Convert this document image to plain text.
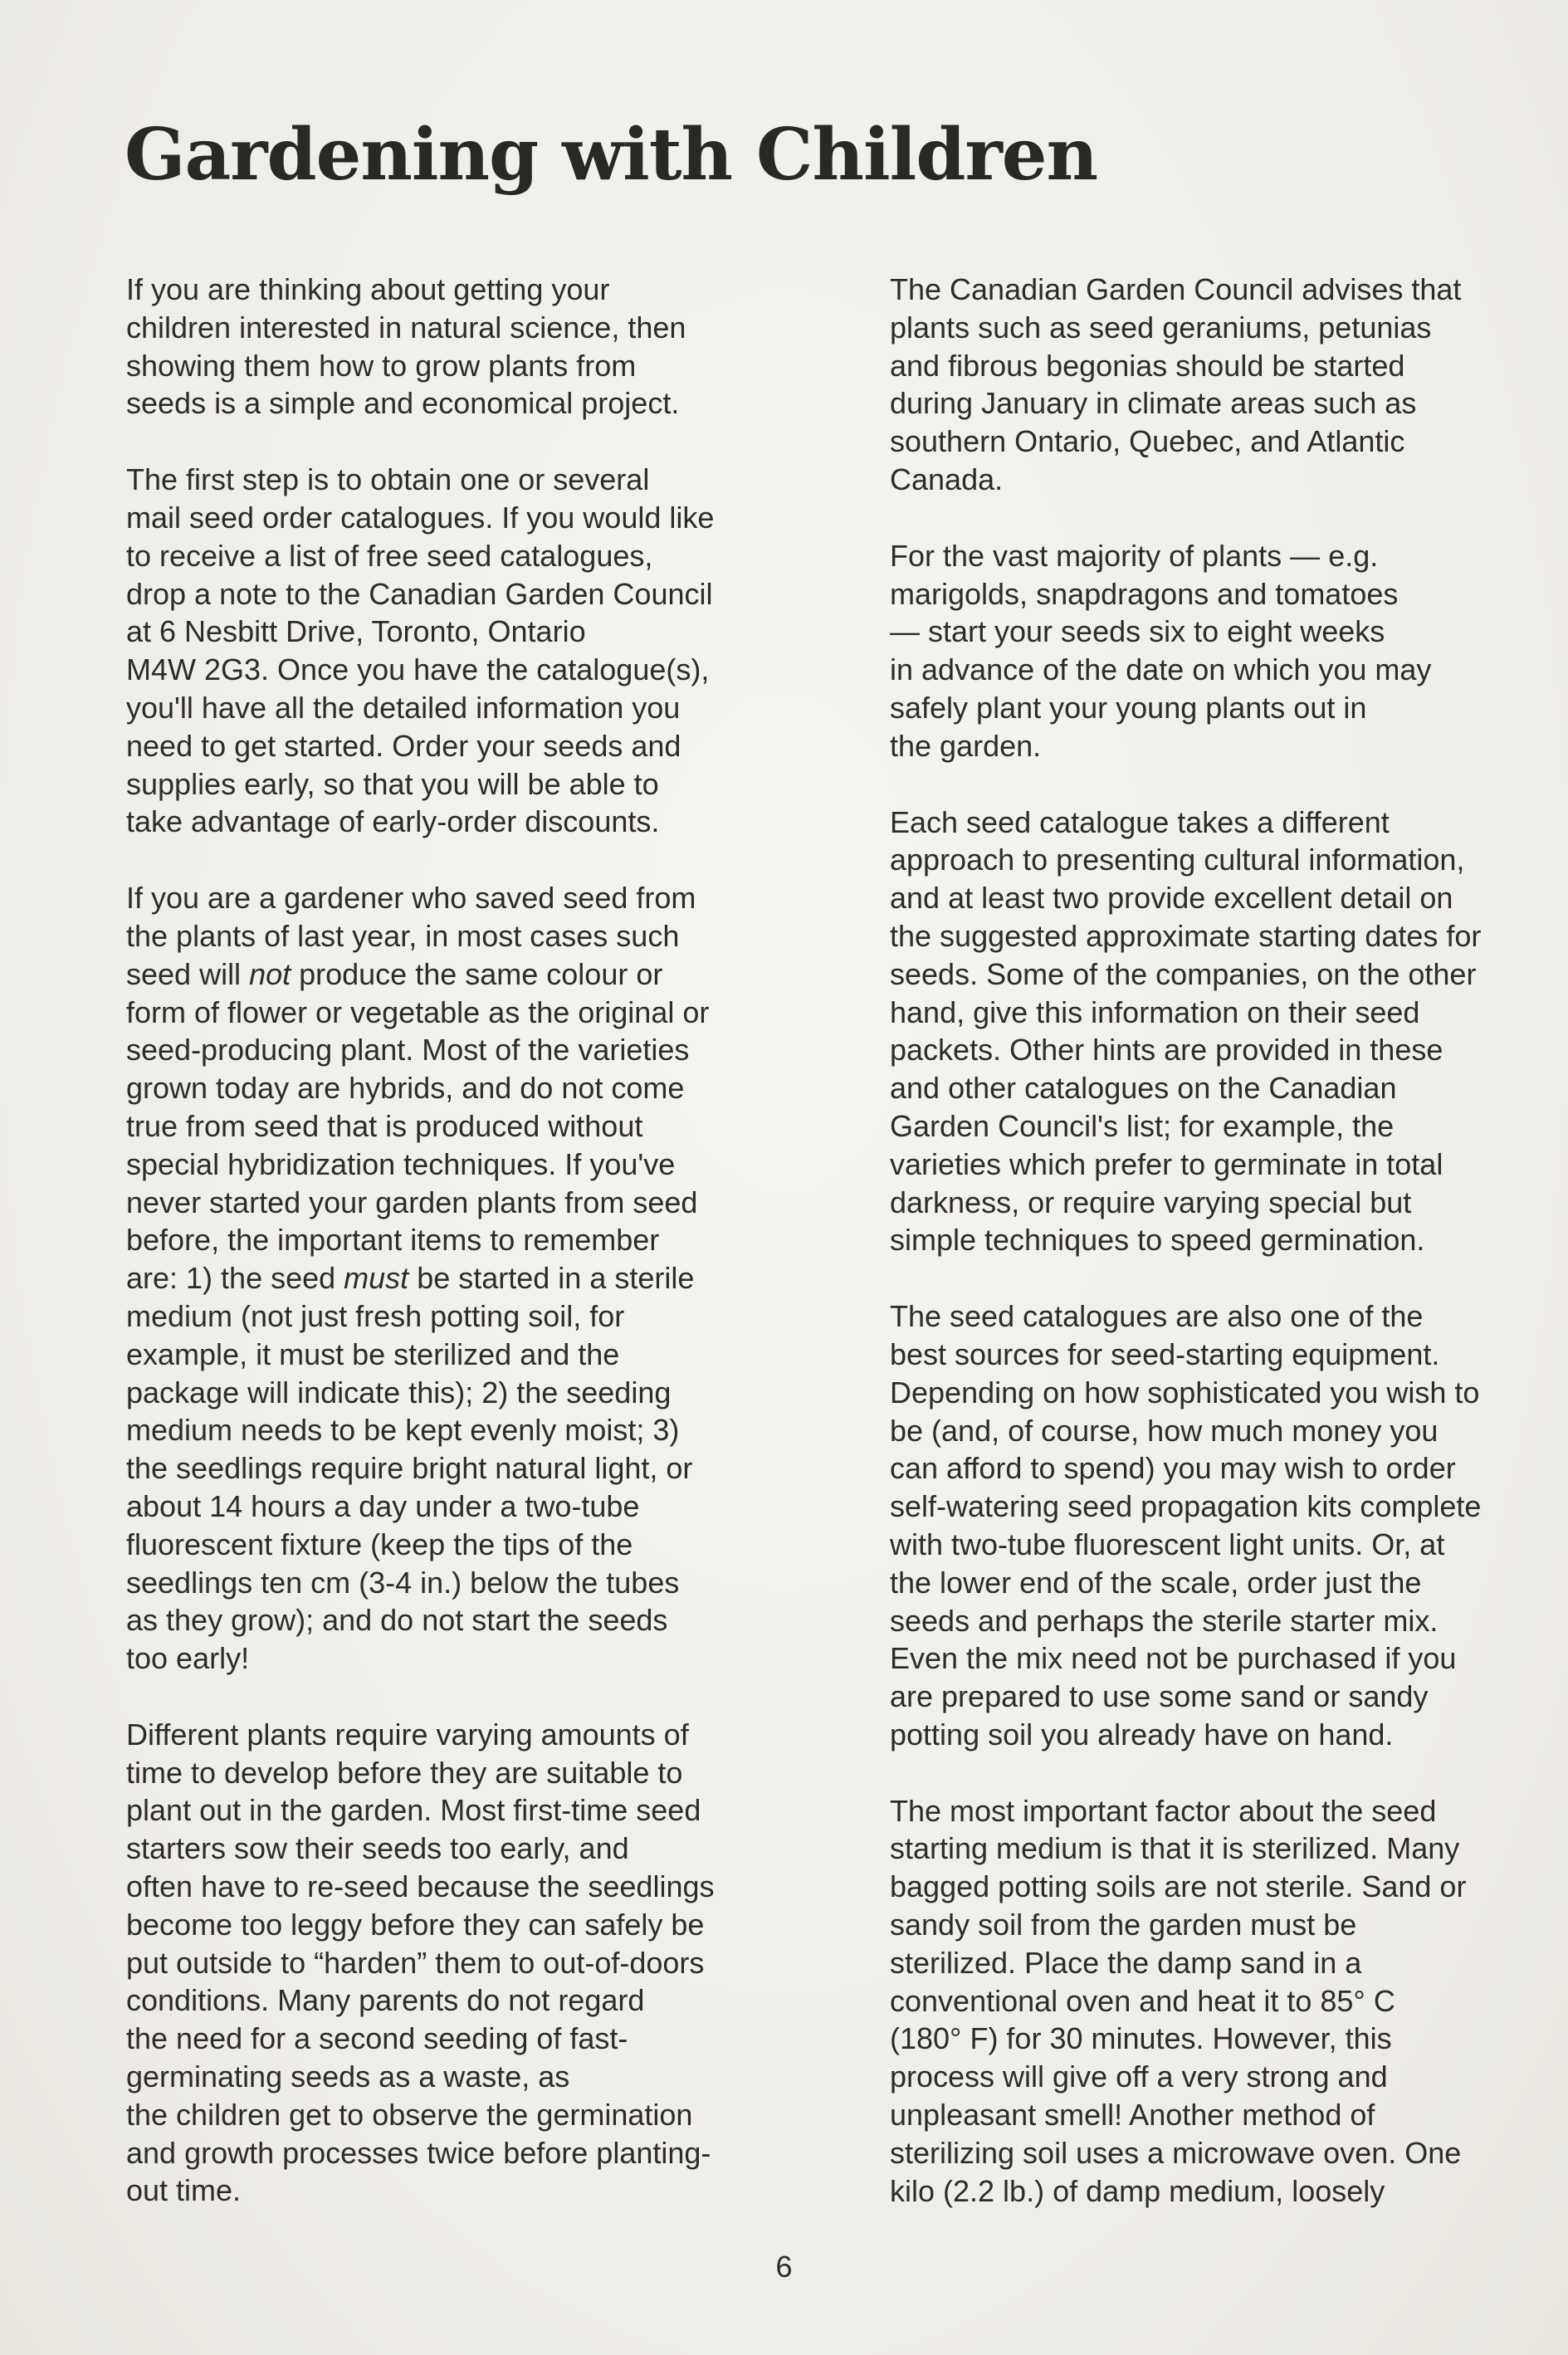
Gardening with Children

If you are thinking about getting your
children interested in natural science, then
showing them how to grow plants from
seeds is a simple and economical project.

The first step is to obtain one or several
mail seed order catalogues. If you would like
to receive a list of free seed catalogues,
drop a note to the Canadian Garden Council
at 6 Nesbitt Drive, Toronto, Ontario
M4W 2G3. Once you have the catalogue(s),
you'll have all the detailed information you
need to get started. Order your seeds and
supplies early, so that you will be able to
take advantage of early-order discounts.

If you are a gardener who saved seed from
the plants of last year, in most cases such
seed will not produce the same colour or
form of flower or vegetable as the original or
seed-producing plant. Most of the varieties
grown today are hybrids, and do not come
true from seed that is produced without
special hybridization techniques. If you've
never started your garden plants from seed
before, the important items to remember
are: 1) the seed must be started in a sterile
medium (not just fresh potting soil, for
example, it must be sterilized and the
package will indicate this); 2) the seeding
medium needs to be kept evenly moist; 3)
the seedlings require bright natural light, or
about 14 hours a day under a two-tube
fluorescent fixture (keep the tips of the
seedlings ten cm (3-4 in.) below the tubes
as they grow); and do not start the seeds
too early!

Different plants require varying amounts of
time to develop before they are suitable to
plant out in the garden. Most first-time seed
starters sow their seeds too early, and
often have to re-seed because the seedlings
become too leggy before they can safely be
put outside to “harden” them to out-of-doors
conditions. Many parents do not regard
the need for a second seeding of fast-
germinating seeds as a waste, as
the children get to observe the germination
and growth processes twice before planting-
out time.

The Canadian Garden Council advises that
plants such as seed geraniums, petunias
and fibrous begonias should be started
during January in climate areas such as
southern Ontario, Quebec, and Atlantic
Canada.

For the vast majority of plants — e.g.
marigolds, snapdragons and tomatoes
— start your seeds six to eight weeks
in advance of the date on which you may
safely plant your young plants out in
the garden.

Each seed catalogue takes a different
approach to presenting cultural information,
and at least two provide excellent detail on
the suggested approximate starting dates for
seeds. Some of the companies, on the other
hand, give this information on their seed
packets. Other hints are provided in these
and other catalogues on the Canadian
Garden Council's list; for example, the
varieties which prefer to germinate in total
darkness, or require varying special but
simple techniques to speed germination.

The seed catalogues are also one of the
best sources for seed-starting equipment.
Depending on how sophisticated you wish to
be (and, of course, how much money you
can afford to spend) you may wish to order
self-watering seed propagation kits complete
with two-tube fluorescent light units. Or, at
the lower end of the scale, order just the
seeds and perhaps the sterile starter mix.
Even the mix need not be purchased if you
are prepared to use some sand or sandy
potting soil you already have on hand.

The most important factor about the seed
starting medium is that it is sterilized. Many
bagged potting soils are not sterile. Sand or
sandy soil from the garden must be
sterilized. Place the damp sand in a
conventional oven and heat it to 85° C
(180° F) for 30 minutes. However, this
process will give off a very strong and
unpleasant smell! Another method of
sterilizing soil uses a microwave oven. One
kilo (2.2 lb.) of damp medium, loosely

6
